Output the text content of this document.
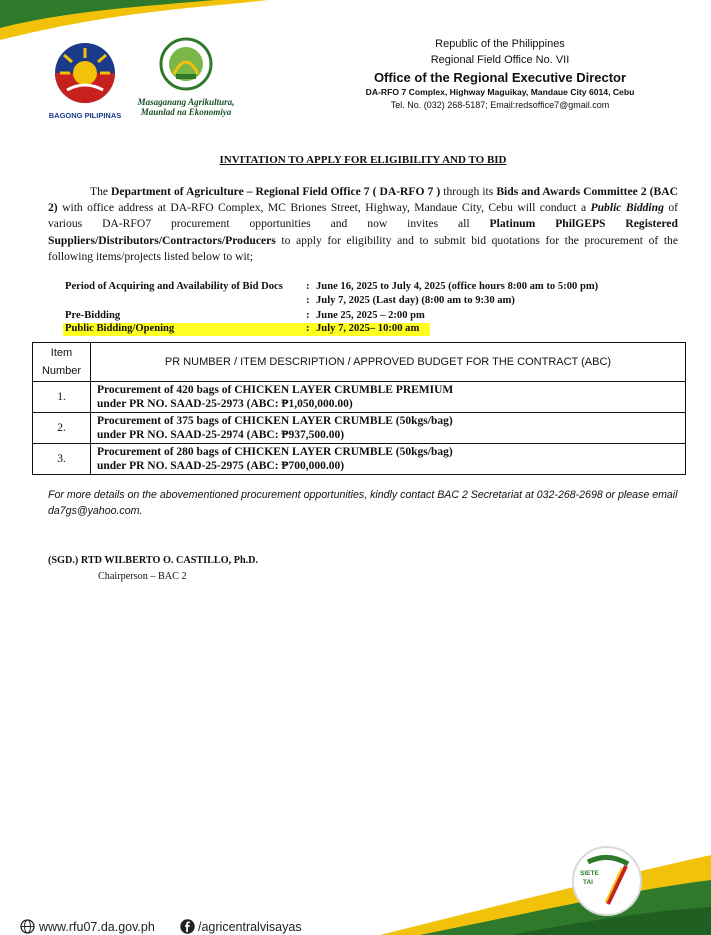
BAGONG PILIPINAS
Masaganang Agrikultura,
Maunlad na Ekonomiya
Republic of the Philippines
Regional Field Office No. VII
Office of the Regional Executive Director
DA-RFO 7 Complex, Highway Maguikay, Mandaue City 6014, Cebu
Tel. No. (032) 268-5187; Email:redsoffice7@gmail.com
INVITATION TO APPLY FOR ELIGIBILITY AND TO BID
The Department of Agriculture – Regional Field Office 7 ( DA-RFO 7 ) through its Bids and Awards Committee 2 (BAC 2) with office address at DA-RFO Complex, MC Briones Street, Highway, Mandaue City, Cebu will conduct a Public Bidding of various DA-RFO7 procurement opportunities and now invites all Platinum PhilGEPS Registered Suppliers/Distributors/Contractors/Producers to apply for eligibility and to submit bid quotations for the procurement of the following items/projects listed below to wit;
Period of Acquiring and Availability of Bid Docs : June 16, 2025 to July 4, 2025 (office hours 8:00 am to 5:00 pm)
: July 7, 2025 (Last day) (8:00 am to 9:30 am)
Pre-Bidding	: June 25, 2025 – 2:00 pm
Public Bidding/Opening	: July 7, 2025– 10:00 am
Item
Number	PR NUMBER / ITEM DESCRIPTION / APPROVED BUDGET FOR THE CONTRACT (ABC)
1.	Procurement of 420 bags of CHICKEN LAYER CRUMBLE PREMIUM
under PR NO. SAAD-25-2973 (ABC: ₱1,050,000.00)

2.	Procurement of 375 bags of CHICKEN LAYER CRUMBLE (50kgs/bag)
under PR NO. SAAD-25-2974 (ABC: ₱937,500.00)

3.	Procurement of 280 bags of CHICKEN LAYER CRUMBLE (50kgs/bag)
under PR NO. SAAD-25-2975 (ABC: ₱700,000.00)
For more details on the abovementioned procurement opportunities, kindly contact BAC 2 Secretariat at 032-268-2698 or please email da7gs@yahoo.com.
(SGD.) RTD WILBERTO O. CASTILLO, Ph.D.
Chairperson – BAC 2
SIETE
TAI
www.rfu07.da.gov.ph	/agricentralvisayas
